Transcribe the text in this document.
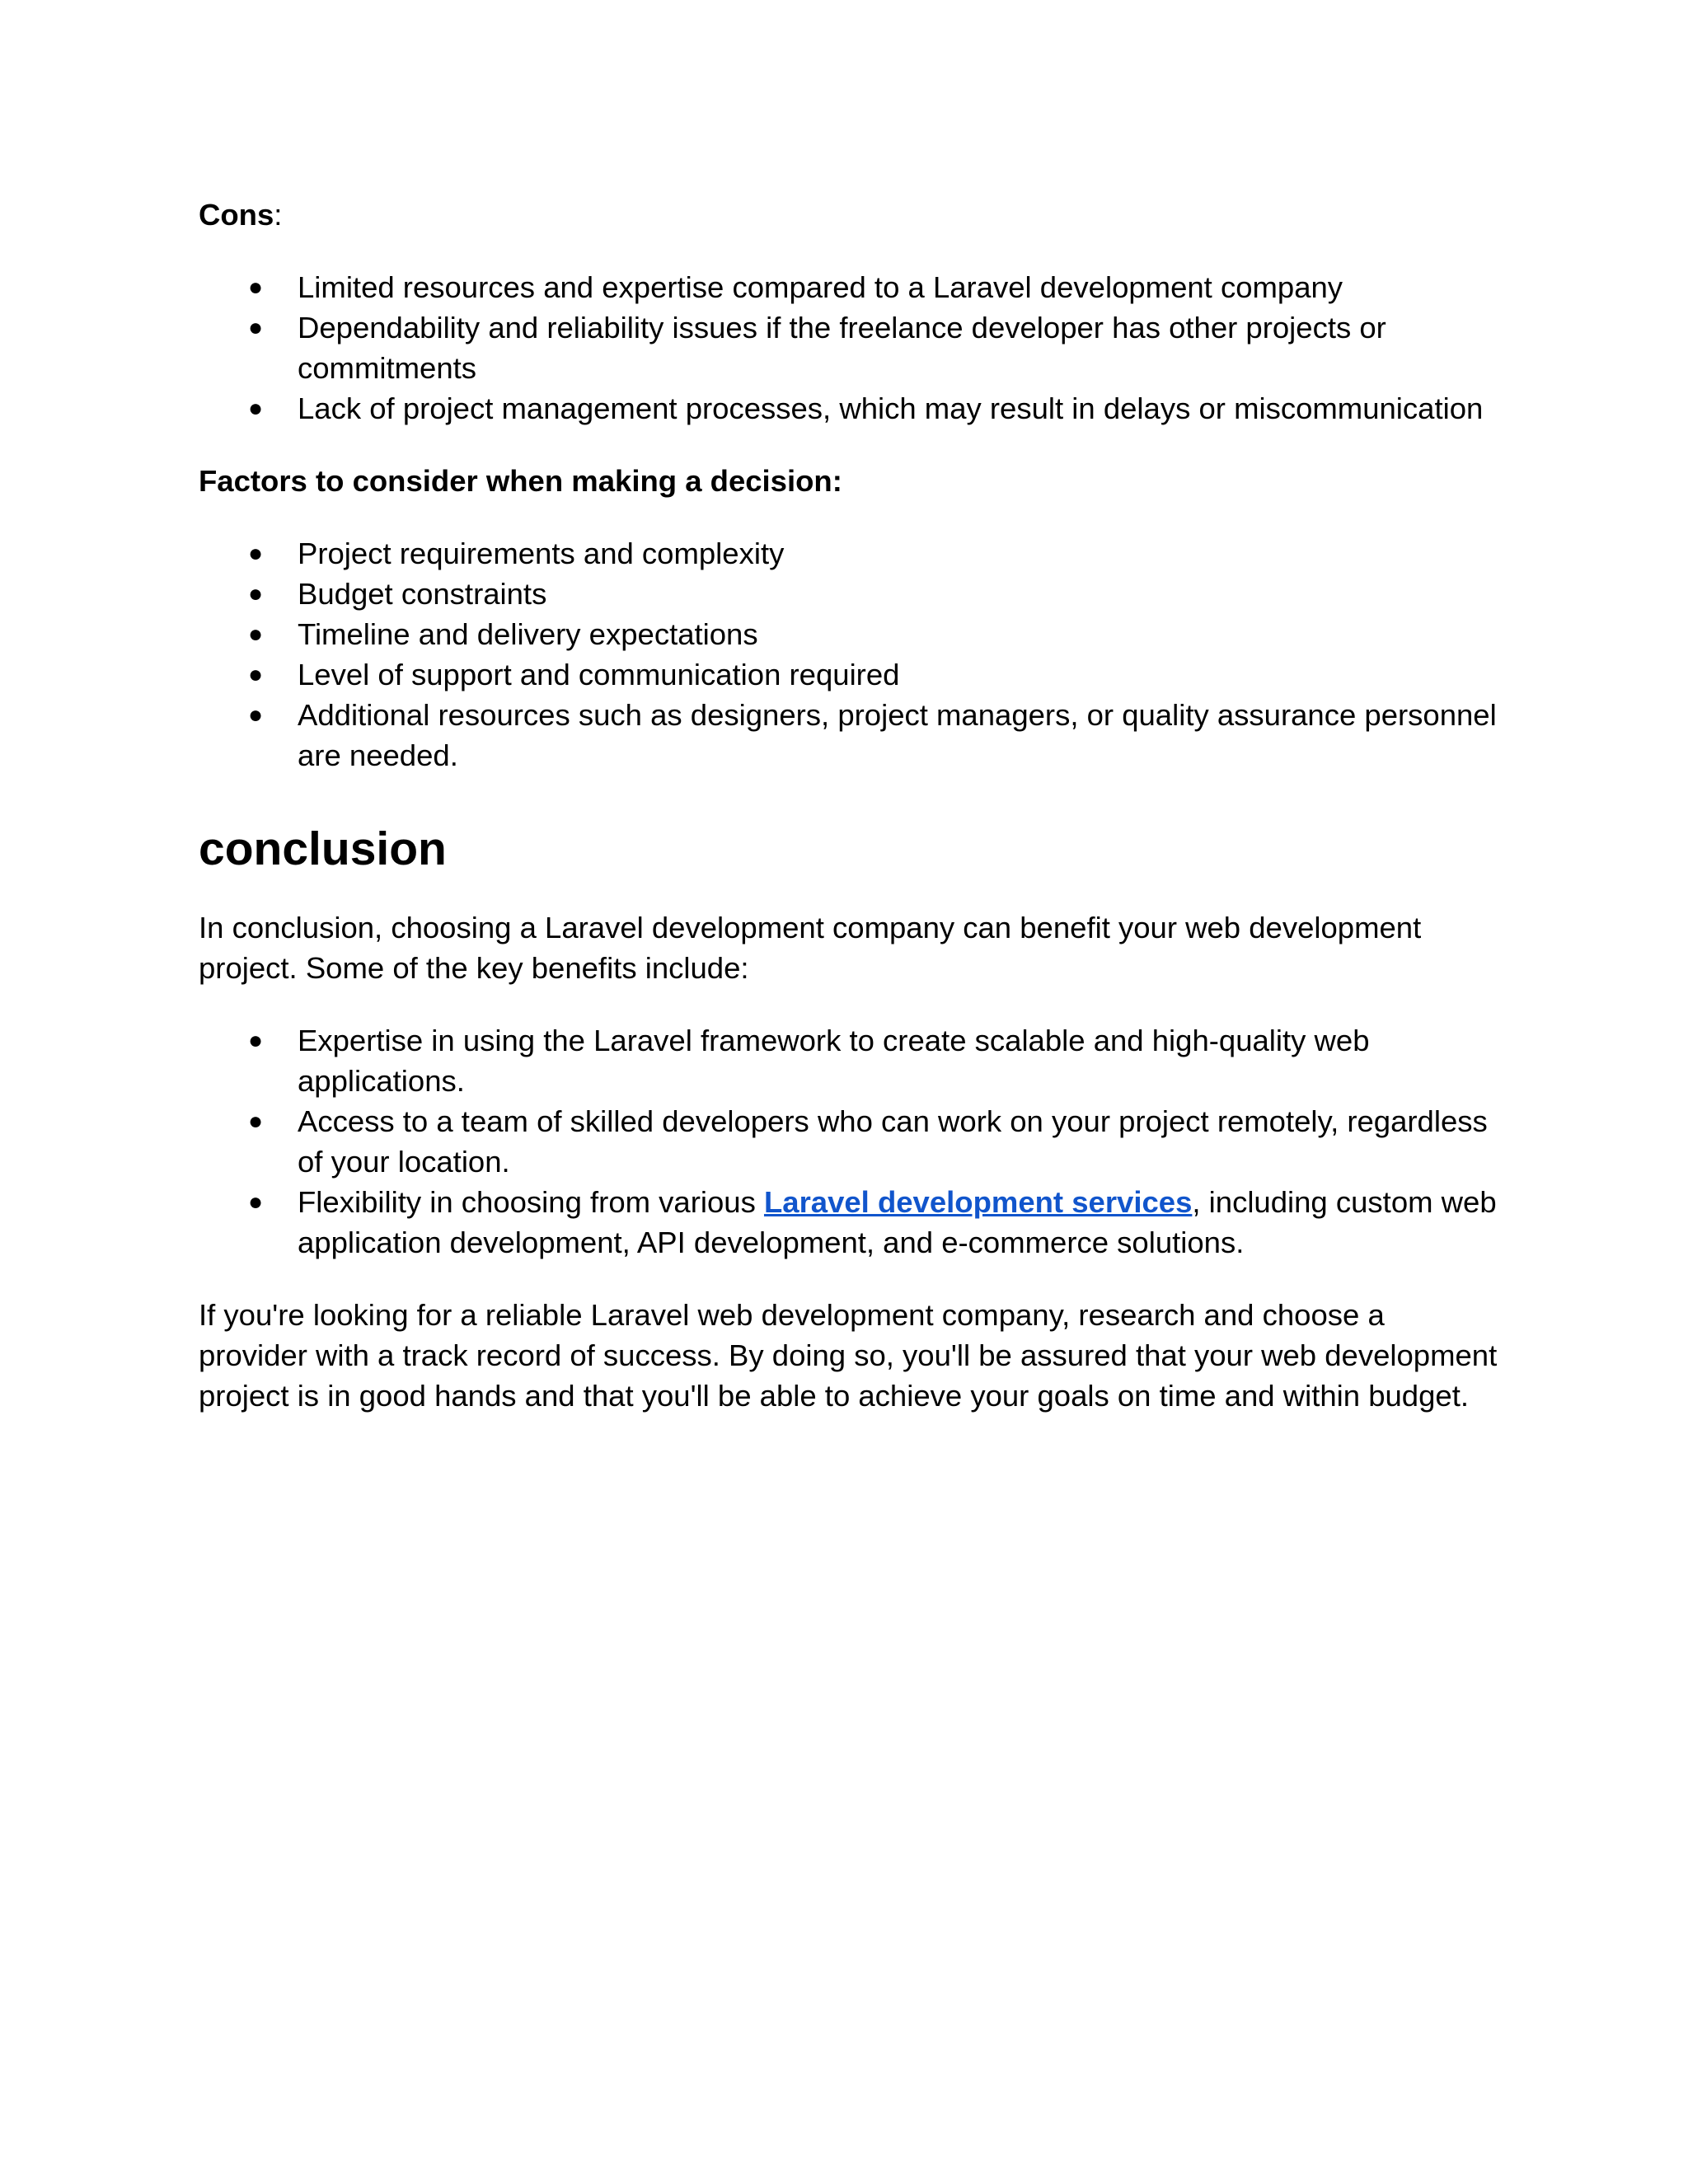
Cons:

● Limited resources and expertise compared to a Laravel development company
● Dependability and reliability issues if the freelance developer has other projects or commitments
● Lack of project management processes, which may result in delays or miscommunication

Factors to consider when making a decision:

● Project requirements and complexity
● Budget constraints
● Timeline and delivery expectations
● Level of support and communication required
● Additional resources such as designers, project managers, or quality assurance personnel are needed.
conclusion

In conclusion, choosing a Laravel development company can benefit your web development project. Some of the key benefits include:

● Expertise in using the Laravel framework to create scalable and high-quality web applications.
● Access to a team of skilled developers who can work on your project remotely, regardless of your location.
● Flexibility in choosing from various Laravel development services, including custom web application development, API development, and e-commerce solutions.

If you're looking for a reliable Laravel web development company, research and choose a provider with a track record of success. By doing so, you'll be assured that your web development project is in good hands and that you'll be able to achieve your goals on time and within budget.
